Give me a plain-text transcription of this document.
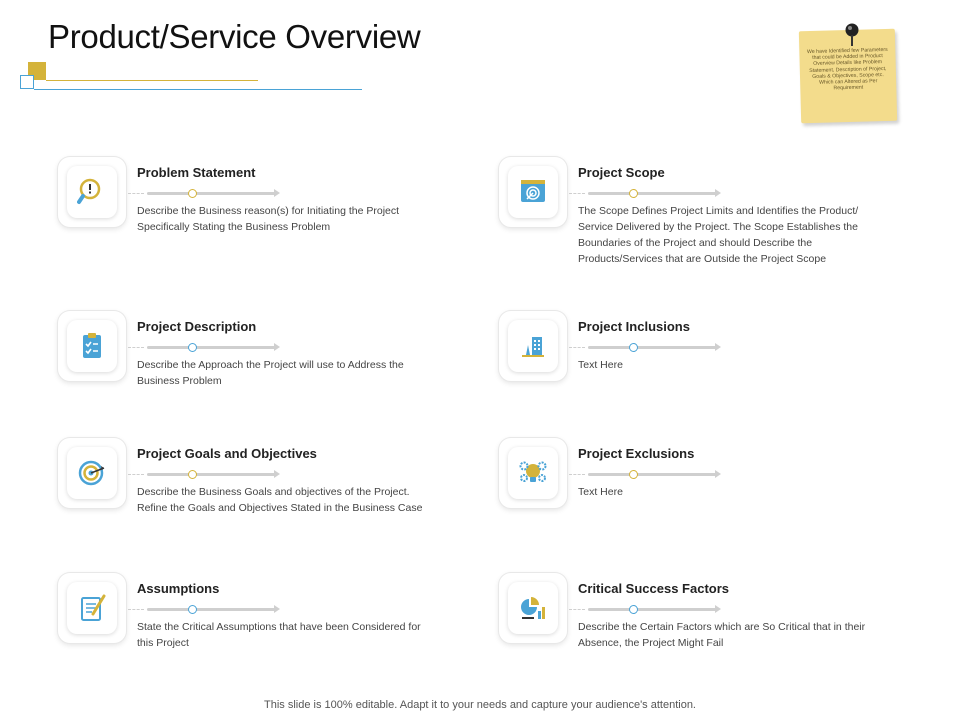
Product/Service Overview	We have Identified few Parameters that could be Added in Product Overview Details like Problem Statement, Description of Project, Goals & Objectives, Scope etc. Which can Altered as Per Requirement
Problem Statement
Describe the Business reason(s) for Initiating the Project Specifically Stating the Business Problem
Project Scope
The Scope Defines Project Limits and Identifies the Product/ Service Delivered by the Project. The Scope Establishes the Boundaries of the Project and should Describe the Products/Services that are Outside the Project Scope
Project Description
Describe the Approach the Project will use to Address the Business Problem
Project Inclusions
Text Here
Project Goals and Objectives
Describe the Business Goals and objectives of the Project. Refine the Goals and Objectives Stated in the Business Case
Project Exclusions
Text Here
Assumptions
State the Critical Assumptions that have been Considered for this Project
Critical Success Factors
Describe the Certain Factors which are So Critical that in their Absence, the Project Might Fail
This slide is 100% editable. Adapt it to your needs and capture your audience's attention.
